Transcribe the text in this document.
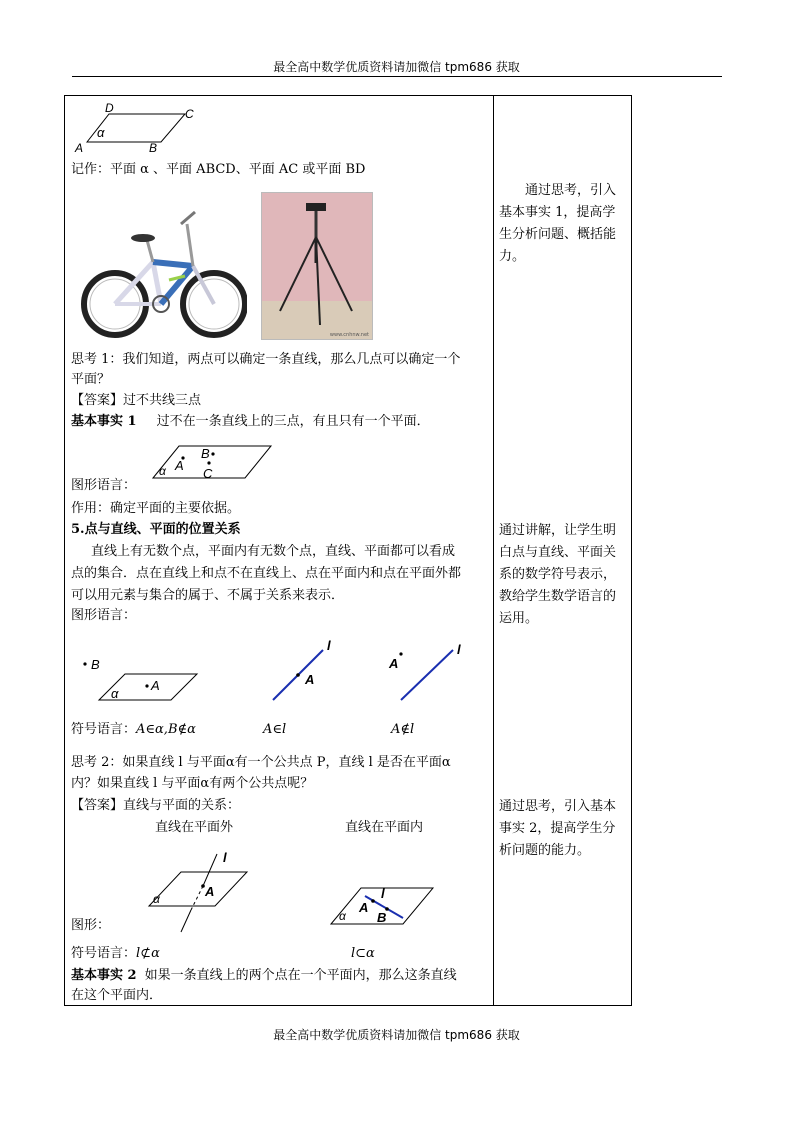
最全高中数学优质资料请加微信 tpm686 获取
D	C
A	B
α
记作：平面 α 、平面 ABCD、平面 AC 或平面 BD
www.cnhnw.net
思考 1：我们知道，两点可以确定一条直线，那么几点可以确定一个
平面？
【答案】过不共线三点
基本事实 1 过不在一条直线上的三点，有且只有一个平面．
A
B
C
α
图形语言：
作用：确定平面的主要依据。
5.点与直线、平面的位置关系
直线上有无数个点，平面内有无数个点，直线、平面都可以看成
点的集合．点在直线上和点不在直线上、点在平面内和点在平面外都
可以用元素与集合的属于、不属于关系来表示．
图形语言：
B
A
α
A
l
A
l
符号语言：A∈α,B∉α	A∈l	A∉l
思考 2：如果直线 l 与平面α有一个公共点 P，直线 l 是否在平面α
内？如果直线 l 与平面α有两个公共点呢？
【答案】直线与平面的关系：
直线在平面外	直线在平面内
l
A
α	l
A
B
α
图形：
符号语言：l⊄α	l⊂α
基本事实 2 如果一条直线上的两个点在一个平面内，那么这条直线
在这个平面内．
　　通过思考，引入基本事实 1，提高学生分析问题、概括能力。
通过讲解，让学生明白点与直线、平面关系的数学符号表示，教给学生数学语言的运用。
通过思考，引入基本事实 2，提高学生分析问题的能力。
最全高中数学优质资料请加微信 tpm686 获取
